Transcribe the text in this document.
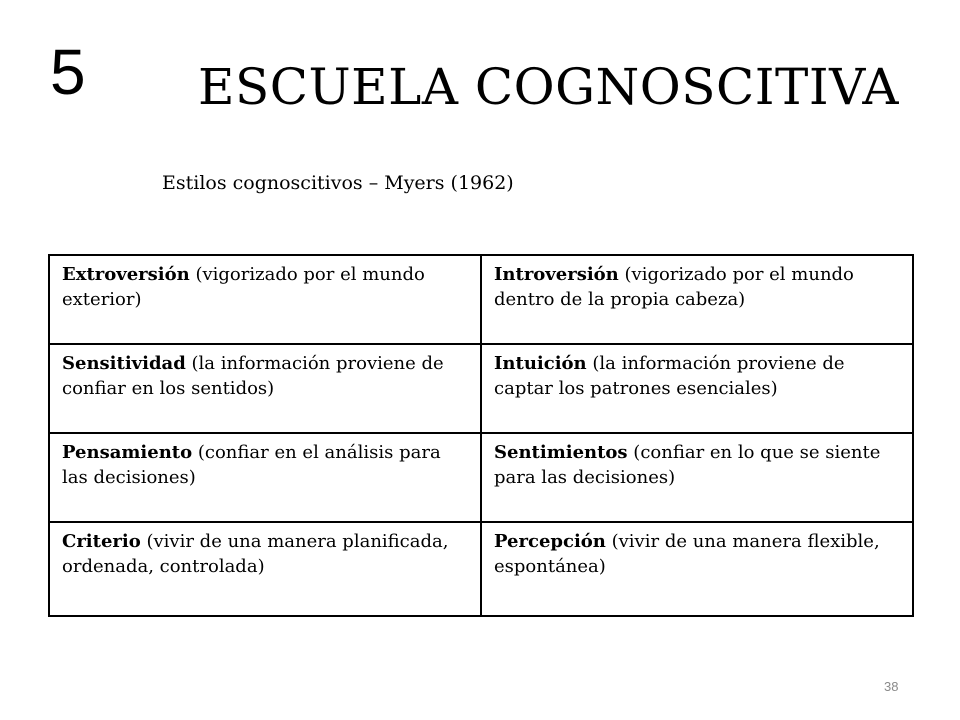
5 ESCUELA COGNOSCITIVA
Estilos cognoscitivos – Myers (1962)
Extroversión (vigorizado por el mundo exterior)	Introversión (vigorizado por el mundo dentro de la propia cabeza)
Sensitividad (la información proviene de confiar en los sentidos)	Intuición (la información proviene de captar los patrones esenciales)
Pensamiento (confiar en el análisis para las decisiones)	Sentimientos (confiar en lo que se siente para las decisiones)
Criterio (vivir de una manera planificada, ordenada, controlada)	Percepción (vivir de una manera flexible, espontánea)
38
